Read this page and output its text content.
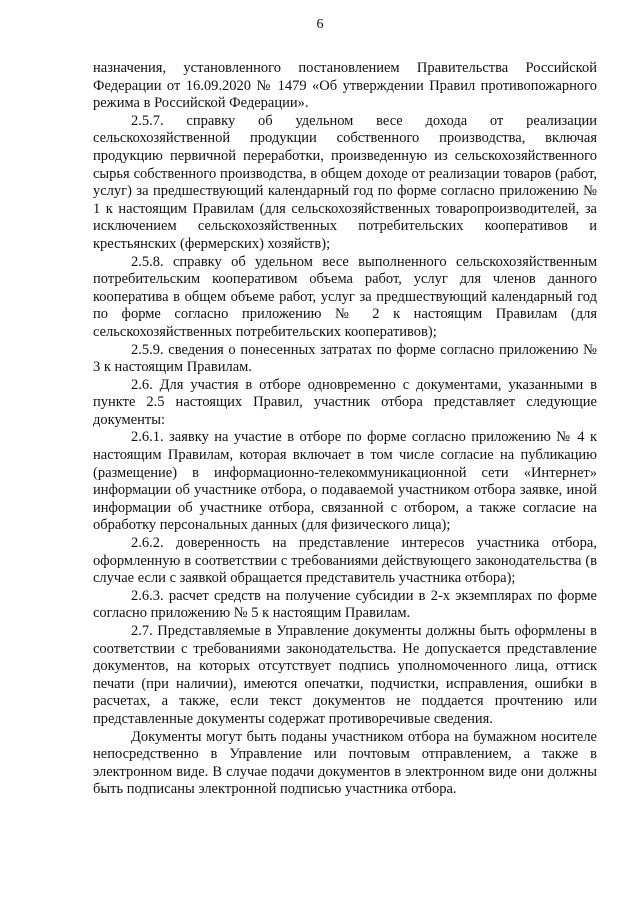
6

назначения, установленного постановлением Правительства Российской Федерации от 16.09.2020 № 1479 «Об утверждении Правил противопожарного режима в Российской Федерации».

2.5.7. справку об удельном весе дохода от реализации сельскохозяйственной продукции собственного производства, включая продукцию первичной переработки, произведенную из сельскохозяйственного сырья собственного производства, в общем доходе от реализации товаров (работ, услуг) за предшествующий календарный год по форме согласно приложению № 1 к настоящим Правилам (для сельскохозяйственных товаропроизводителей, за исключением сельскохозяйственных потребительских кооперативов и крестьянских (фермерских) хозяйств);

2.5.8. справку об удельном весе выполненного сельскохозяйственным потребительским кооперативом объема работ, услуг для членов данного кооператива в общем объеме работ, услуг за предшествующий календарный год по форме согласно приложению № 2 к настоящим Правилам (для сельскохозяйственных потребительских кооперативов);

2.5.9. сведения о понесенных затратах по форме согласно приложению № 3 к настоящим Правилам.

2.6. Для участия в отборе одновременно с документами, указанными в пункте 2.5 настоящих Правил, участник отбора представляет следующие документы:

2.6.1. заявку на участие в отборе по форме согласно приложению № 4 к настоящим Правилам, которая включает в том числе согласие на публикацию (размещение) в информационно-телекоммуникационной сети «Интернет» информации об участнике отбора, о подаваемой участником отбора заявке, иной информации об участнике отбора, связанной с отбором, а также согласие на обработку персональных данных (для физического лица);

2.6.2. доверенность на представление интересов участника отбора, оформленную в соответствии с требованиями действующего законодательства (в случае если с заявкой обращается представитель участника отбора);

2.6.3. расчет средств на получение субсидии в 2-х экземплярах по форме согласно приложению № 5 к настоящим Правилам.

2.7. Представляемые в Управление документы должны быть оформлены в соответствии с требованиями законодательства. Не допускается представление документов, на которых отсутствует подпись уполномоченного лица, оттиск печати (при наличии), имеются опечатки, подчистки, исправления, ошибки в расчетах, а также, если текст документов не поддается прочтению или представленные документы содержат противоречивые сведения.

Документы могут быть поданы участником отбора на бумажном носителе непосредственно в Управление или почтовым отправлением, а также в электронном виде. В случае подачи документов в электронном виде они должны быть подписаны электронной подписью участника отбора.
